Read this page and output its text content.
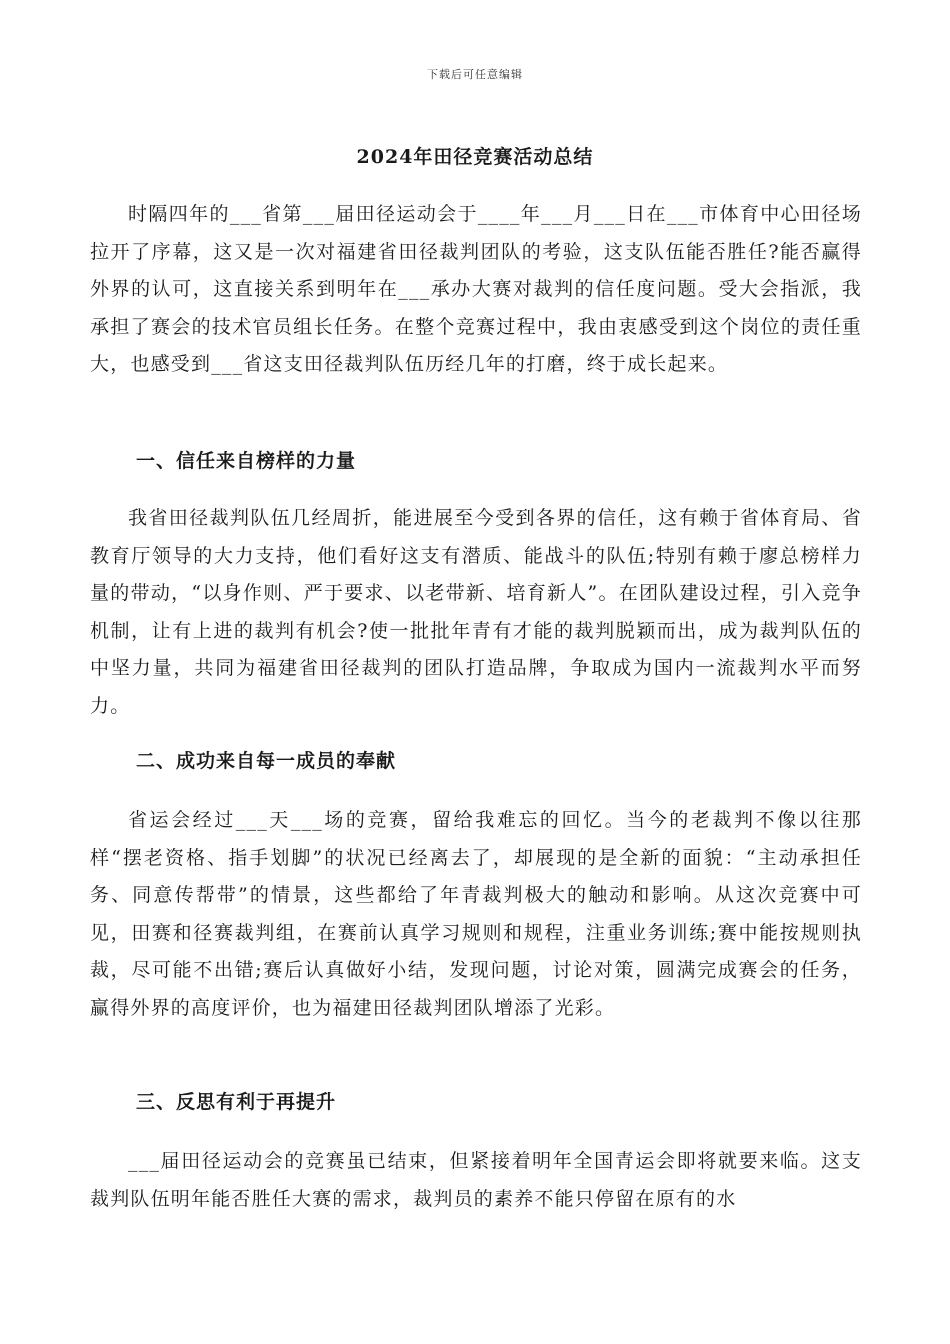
下载后可任意编辑
2024年田径竞赛活动总结

时隔四年的___省第___届田径运动会于____年___月___日在___市体育中心田径场拉开了序幕，这又是一次对福建省田径裁判团队的考验，这支队伍能否胜任?能否赢得外界的认可，这直接关系到明年在___承办大赛对裁判的信任度问题。受大会指派，我承担了赛会的技术官员组长任务。在整个竞赛过程中，我由衷感受到这个岗位的责任重大，也感受到___省这支田径裁判队伍历经几年的打磨，终于成长起来。

一、信任来自榜样的力量

我省田径裁判队伍几经周折，能进展至今受到各界的信任，这有赖于省体育局、省教育厅领导的大力支持，他们看好这支有潜质、能战斗的队伍;特别有赖于廖总榜样力量的带动，“以身作则、严于要求、以老带新、培育新人”。在团队建设过程，引入竞争机制，让有上进的裁判有机会?使一批批年青有才能的裁判脱颖而出，成为裁判队伍的中坚力量，共同为福建省田径裁判的团队打造品牌，争取成为国内一流裁判水平而努力。

二、成功来自每一成员的奉献

省运会经过___天___场的竞赛，留给我难忘的回忆。当今的老裁判不像以往那样“摆老资格、指手划脚”的状况已经离去了，却展现的是全新的面貌：“主动承担任务、同意传帮带”的情景，这些都给了年青裁判极大的触动和影响。从这次竞赛中可见，田赛和径赛裁判组，在赛前认真学习规则和规程，注重业务训练;赛中能按规则执裁，尽可能不出错;赛后认真做好小结，发现问题，讨论对策，圆满完成赛会的任务，赢得外界的高度评价，也为福建田径裁判团队增添了光彩。

三、反思有利于再提升

___届田径运动会的竞赛虽已结束，但紧接着明年全国青运会即将就要来临。这支裁判队伍明年能否胜任大赛的需求，裁判员的素养不能只停留在原有的水
